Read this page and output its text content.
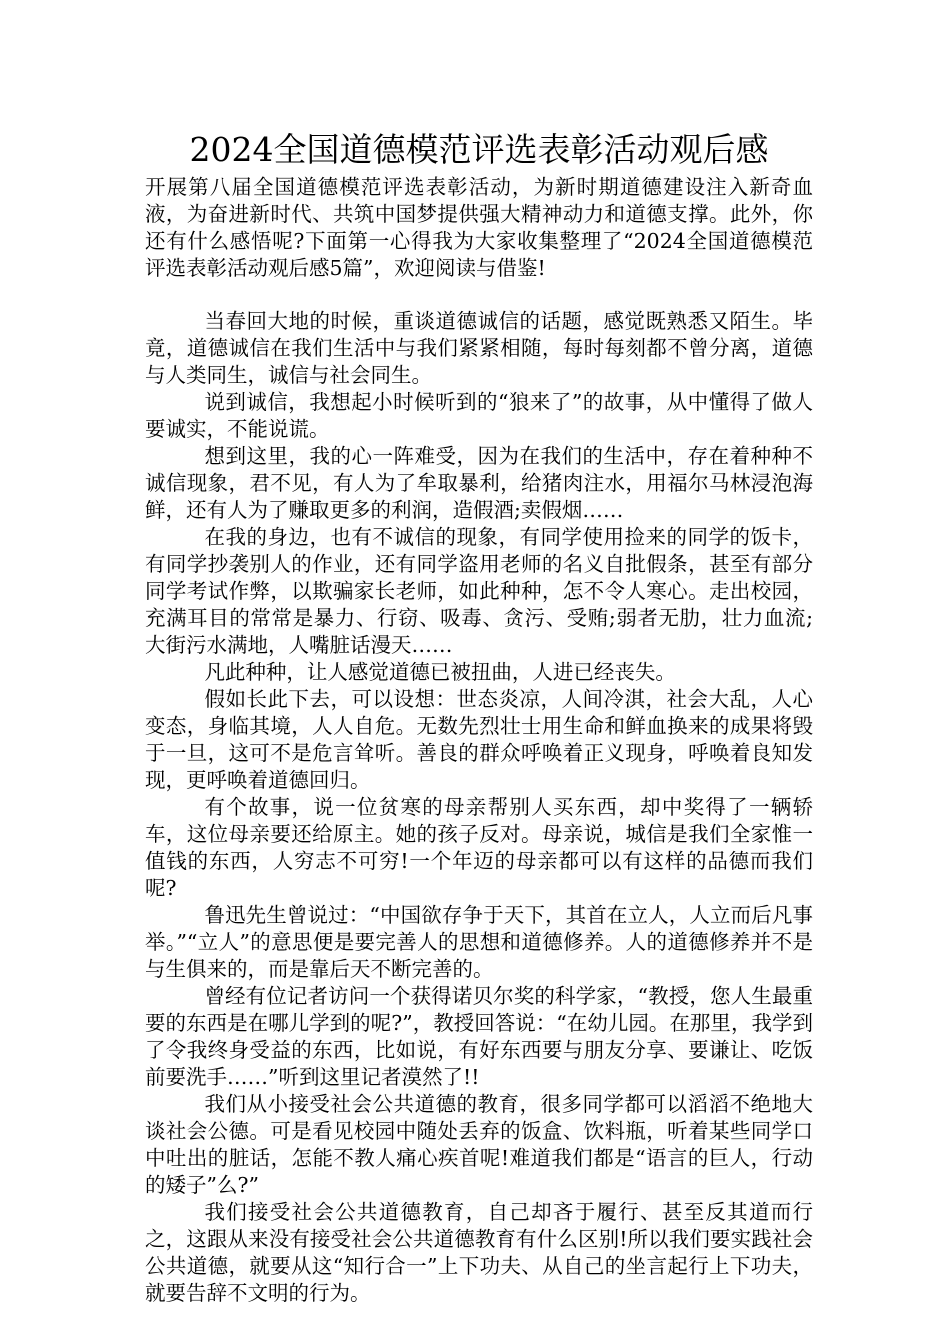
2024全国道德模范评选表彰活动观后感

开展第八届全国道德模范评选表彰活动，为新时期道德建设注入新奇血液，为奋进新时代、共筑中国梦提供强大精神动力和道德支撑。此外，你还有什么感悟呢?下面第一心得我为大家收集整理了“2024全国道德模范评选表彰活动观后感5篇”，欢迎阅读与借鉴!

当春回大地的时候，重谈道德诚信的话题，感觉既熟悉又陌生。毕竟，道德诚信在我们生活中与我们紧紧相随，每时每刻都不曾分离，道德与人类同生，诚信与社会同生。

说到诚信，我想起小时候听到的“狼来了”的故事，从中懂得了做人要诚实，不能说谎。

想到这里，我的心一阵难受，因为在我们的生活中，存在着种种不诚信现象，君不见，有人为了牟取暴利，给猪肉注水，用福尔马林浸泡海鲜，还有人为了赚取更多的利润，造假酒;卖假烟……

在我的身边，也有不诚信的现象，有同学使用捡来的同学的饭卡，有同学抄袭别人的作业，还有同学盗用老师的名义自批假条，甚至有部分同学考试作弊，以欺骗家长老师，如此种种，怎不令人寒心。走出校园，充满耳目的常常是暴力、行窃、吸毒、贪污、受贿;弱者无肋，壮力血流;大街污水满地，人嘴脏话漫天……

凡此种种，让人感觉道德已被扭曲，人进已经丧失。

假如长此下去，可以设想：世态炎凉，人间冷淇，社会大乱，人心变态，身临其境，人人自危。无数先烈壮士用生命和鲜血换来的成果将毁于一旦，这可不是危言耸听。善良的群众呼唤着正义现身，呼唤着良知发现，更呼唤着道德回归。

有个故事，说一位贫寒的母亲帮别人买东西，却中奖得了一辆轿车，这位母亲要还给原主。她的孩子反对。母亲说，城信是我们全家惟一值钱的东西，人穷志不可穷!一个年迈的母亲都可以有这样的品德而我们呢?

鲁迅先生曾说过：“中国欲存争于天下，其首在立人，人立而后凡事举。”“立人”的意思便是要完善人的思想和道德修养。人的道德修养并不是与生俱来的，而是靠后天不断完善的。

曾经有位记者访问一个获得诺贝尔奖的科学家，“教授，您人生最重要的东西是在哪儿学到的呢?”，教授回答说：“在幼儿园。在那里，我学到了令我终身受益的东西，比如说，有好东西要与朋友分享、要谦让、吃饭前要洗手……”听到这里记者漠然了!!

我们从小接受社会公共道德的教育，很多同学都可以滔滔不绝地大谈社会公德。可是看见校园中随处丢弃的饭盒、饮料瓶，听着某些同学口中吐出的脏话，怎能不教人痛心疾首呢!难道我们都是“语言的巨人，行动的矮子”么?”

我们接受社会公共道德教育，自己却吝于履行、甚至反其道而行之，这跟从来没有接受社会公共道德教育有什么区别!所以我们要实践社会公共道德，就要从这“知行合一”上下功夫、从自己的坐言起行上下功夫，就要告辞不文明的行为。
